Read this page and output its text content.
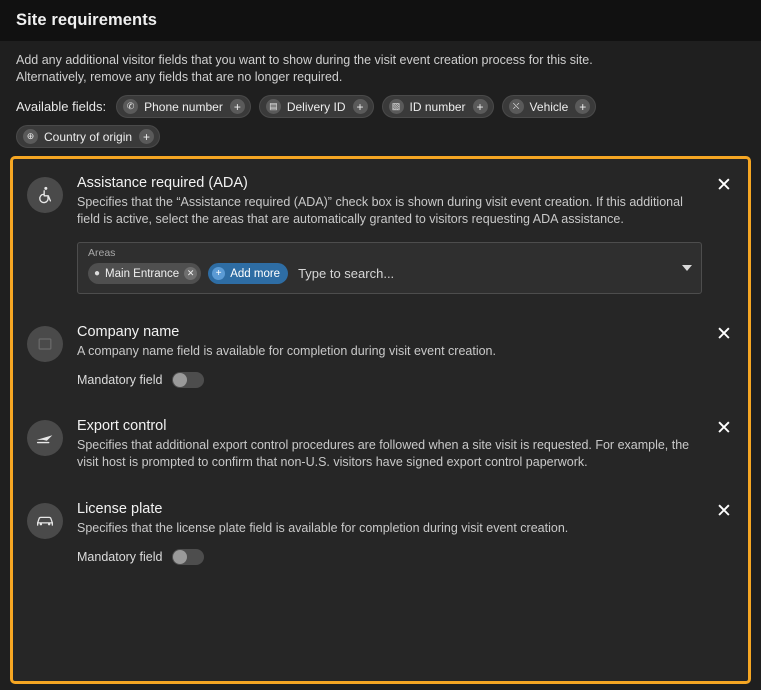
Site requirements

Add any additional visitor fields that you want to show during the visit event creation process for this site.

Alternatively, remove any fields that are no longer required.

Available fields:	✆ Phone number +	▤ Delivery ID +	▧ ID number +	⛌ Vehicle +
⊕ Country of origin +
Assistance required (ADA)

Specifies that the “Assistance required (ADA)” check box is shown during visit event creation. If this additional field is active, select the areas that are automatically granted to visitors requesting ADA assistance.

Areas
● Main Entrance ✕	+ Add more Type to search...
✕
Company name

A company name field is available for completion during visit event creation.

Mandatory field
✕
Export control

Specifies that additional export control procedures are followed when a site visit is requested. For example, the visit host is prompted to confirm that non-U.S. visitors have signed export control paperwork.

✕
License plate

Specifies that the license plate field is available for completion during visit event creation.

Mandatory field
✕
